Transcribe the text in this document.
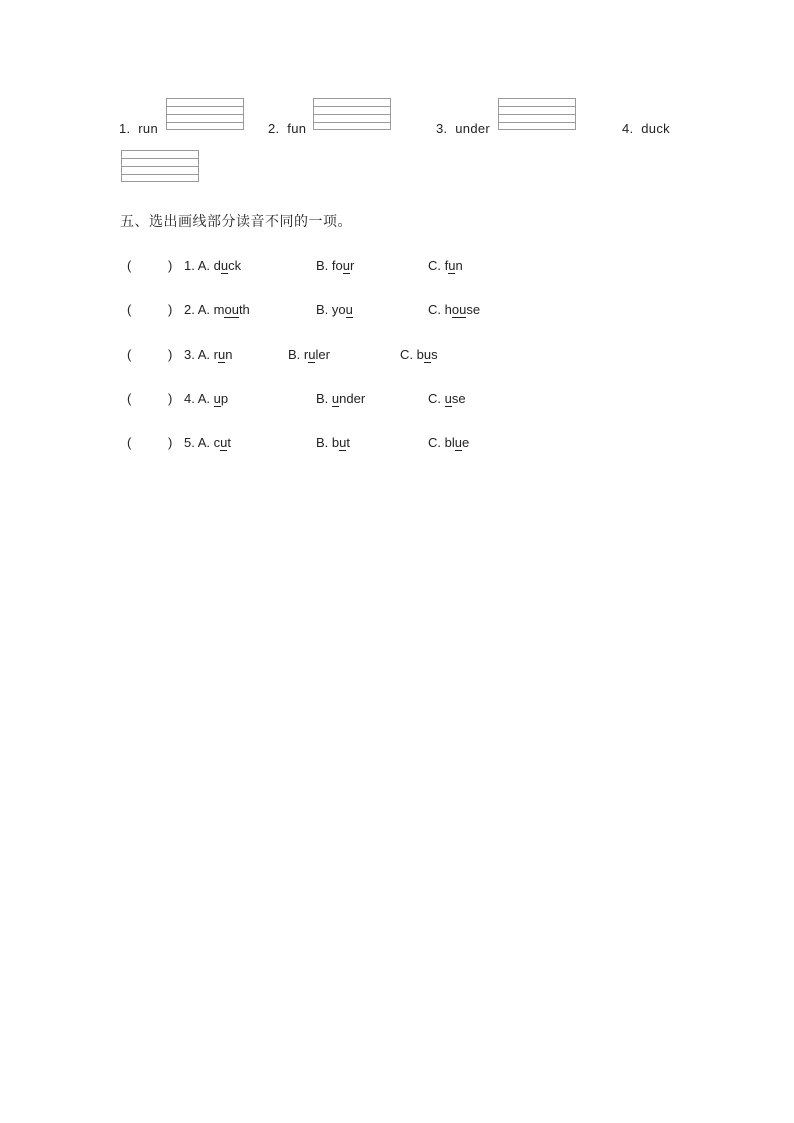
1. run	2. fun	3. under	4. duck
五、选出画线部分读音不同的一项。
(	) 1. A. duck	B. four	C. fun
(	) 2. A. mouth	B. you	C. house
(	) 3. A. run	B. ruler	C. bus
(	) 4. A. up	B. under	C. use
(	) 5. A. cut	B. but	C. blue
